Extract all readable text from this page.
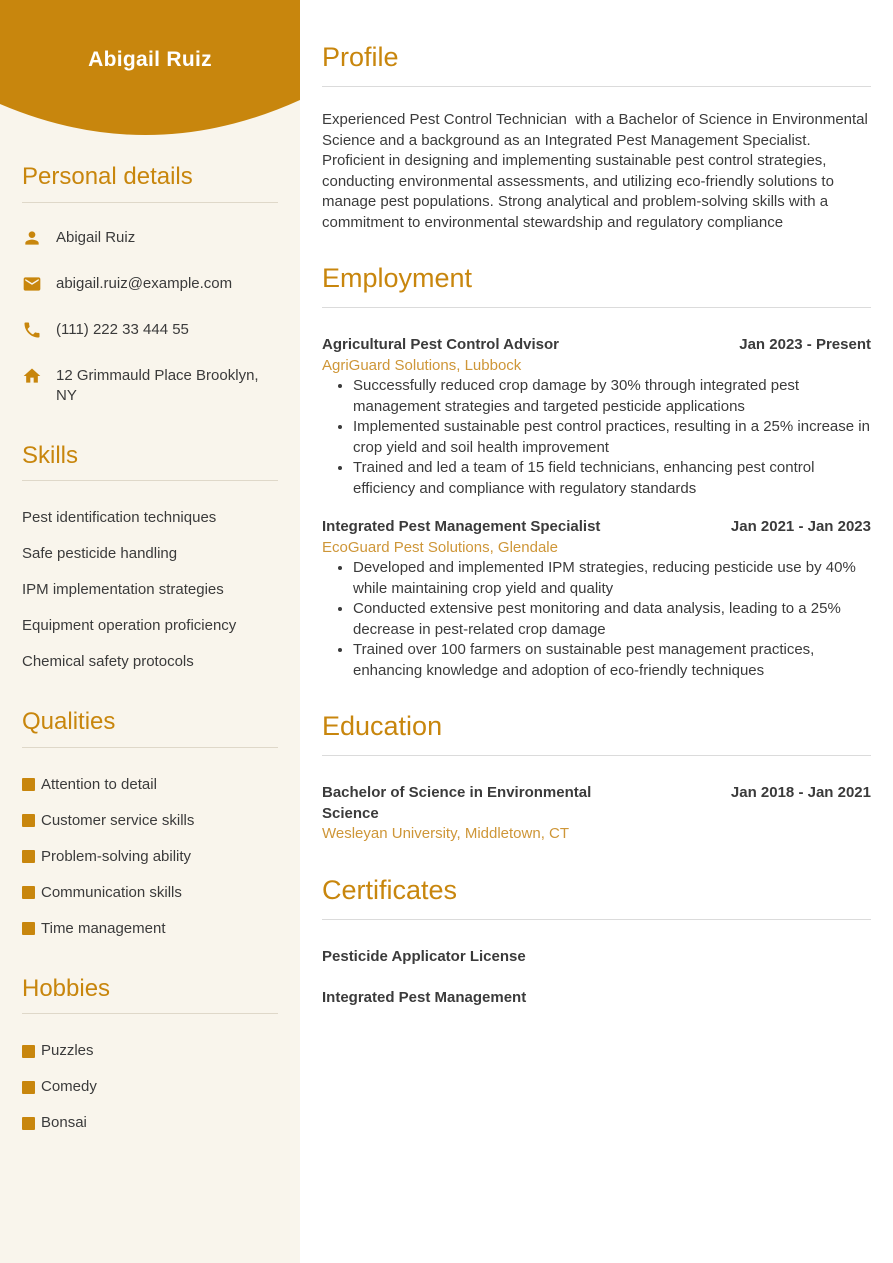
Abigail Ruiz
Personal details
Abigail Ruiz
abigail.ruiz@example.com
(111) 222 33 444 55
12 Grimmauld Place Brooklyn, NY
Skills
Pest identification techniques
Safe pesticide handling
IPM implementation strategies
Equipment operation proficiency
Chemical safety protocols
Qualities
Attention to detail
Customer service skills
Problem-solving ability
Communication skills
Time management
Hobbies
Puzzles
Comedy
Bonsai
Profile

Experienced Pest Control Technician  with a Bachelor of Science in Environmental Science and a background as an Integrated Pest Management Specialist. Proficient in designing and implementing sustainable pest control strategies, conducting environmental assessments, and utilizing eco-friendly solutions to manage pest populations. Strong analytical and problem-solving skills with a commitment to environmental stewardship and regulatory compliance

Employment
Agricultural Pest Control Advisor	Jan 2023 - Present
AgriGuard Solutions, Lubbock
• Successfully reduced crop damage by 30% through integrated pest management strategies and targeted pesticide applications
• Implemented sustainable pest control practices, resulting in a 25% increase in crop yield and soil health improvement
• Trained and led a team of 15 field technicians, enhancing pest control efficiency and compliance with regulatory standards
Integrated Pest Management Specialist	Jan 2021 - Jan 2023
EcoGuard Pest Solutions, Glendale
• Developed and implemented IPM strategies, reducing pesticide use by 40% while maintaining crop yield and quality
• Conducted extensive pest monitoring and data analysis, leading to a 25% decrease in pest-related crop damage
• Trained over 100 farmers on sustainable pest management practices, enhancing knowledge and adoption of eco-friendly techniques
Education
Bachelor of Science in Environmental Science
Jan 2018 - Jan 2021
Wesleyan University, Middletown, CT
Certificates
Pesticide Applicator License
Integrated Pest Management
